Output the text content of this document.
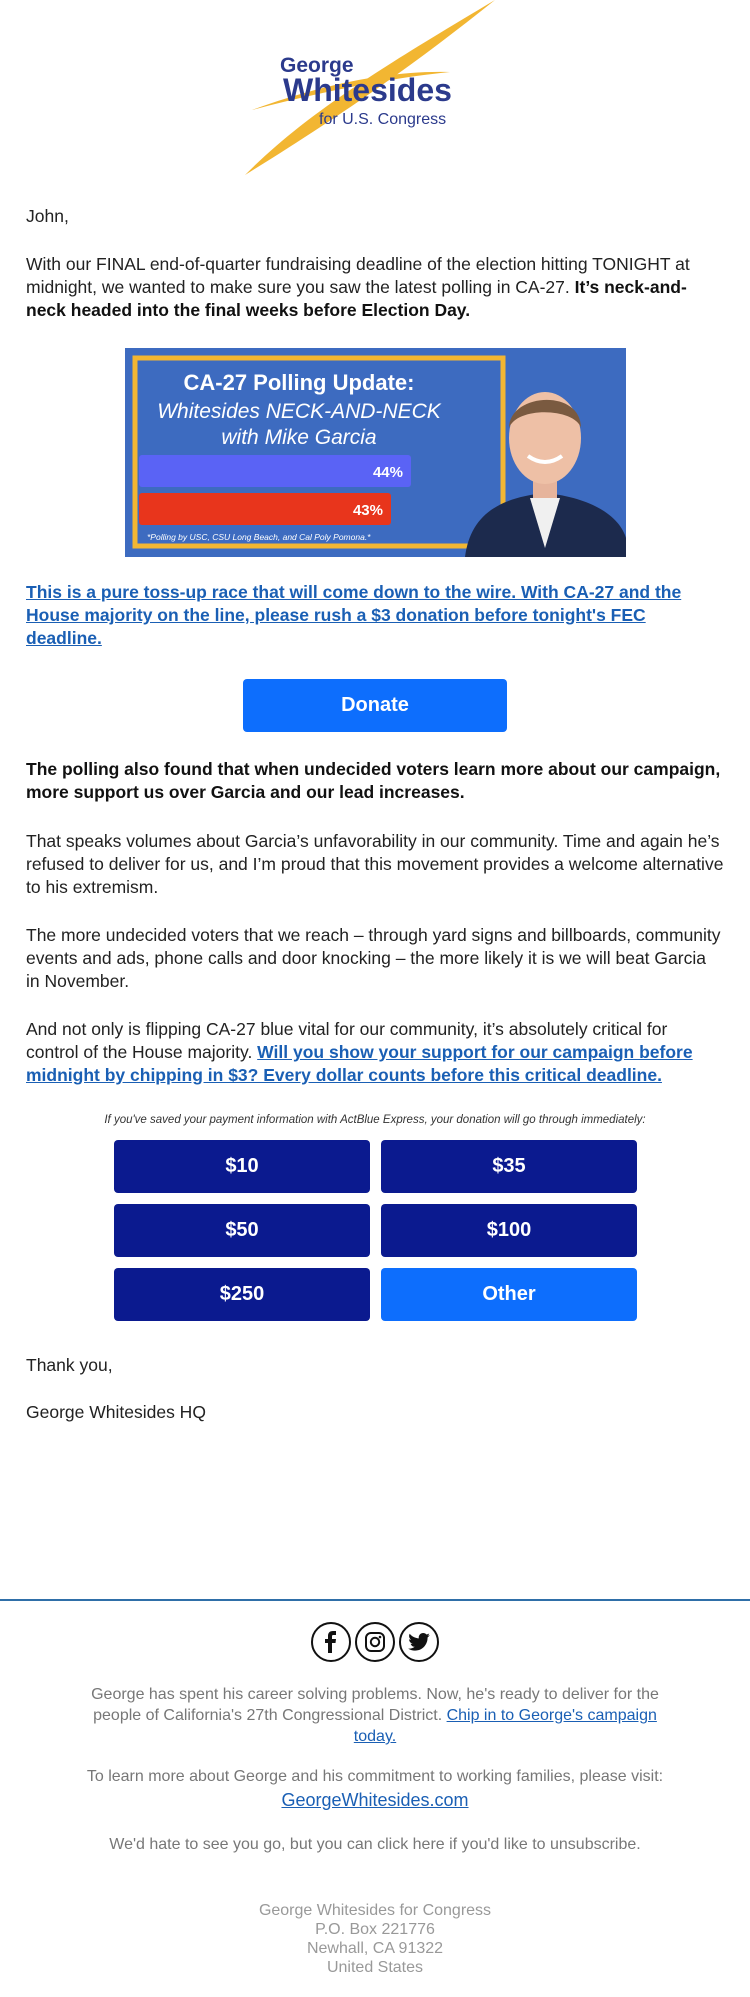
George
Whitesides
for U.S. Congress
John,
With our FINAL end-of-quarter fundraising deadline of the election hitting TONIGHT at midnight, we wanted to make sure you saw the latest polling in CA-27. It’s neck-and-neck headed into the final weeks before Election Day.
CA-27 Polling Update:
Whitesides NECK-AND-NECK
with Mike Garcia
44%
43%
*Polling by USC, CSU Long Beach, and Cal Poly Pomona.*
This is a pure toss-up race that will come down to the wire. With CA-27 and the House majority on the line, please rush a $3 donation before tonight's FEC deadline.
Donate
The polling also found that when undecided voters learn more about our campaign, more support us over Garcia and our lead increases.
That speaks volumes about Garcia’s unfavorability in our community. Time and again he’s refused to deliver for us, and I’m proud that this movement provides a welcome alternative to his extremism.
The more undecided voters that we reach – through yard signs and billboards, community events and ads, phone calls and door knocking – the more likely it is we will beat Garcia in November.
And not only is flipping CA-27 blue vital for our community, it’s absolutely critical for control of the House majority. Will you show your support for our campaign before midnight by chipping in $3? Every dollar counts before this critical deadline.
If you've saved your payment information with ActBlue Express, your donation will go through immediately:
$10	$35
$50	$100
$250	Other
Thank you,
George Whitesides HQ
George has spent his career solving problems. Now, he's ready to deliver for the people of California's 27th Congressional District. Chip in to George's campaign today.
To learn more about George and his commitment to working families, please visit:
GeorgeWhitesides.com
We'd hate to see you go, but you can click here if you'd like to unsubscribe.
George Whitesides for Congress
P.O. Box 221776
Newhall, CA 91322
United States
